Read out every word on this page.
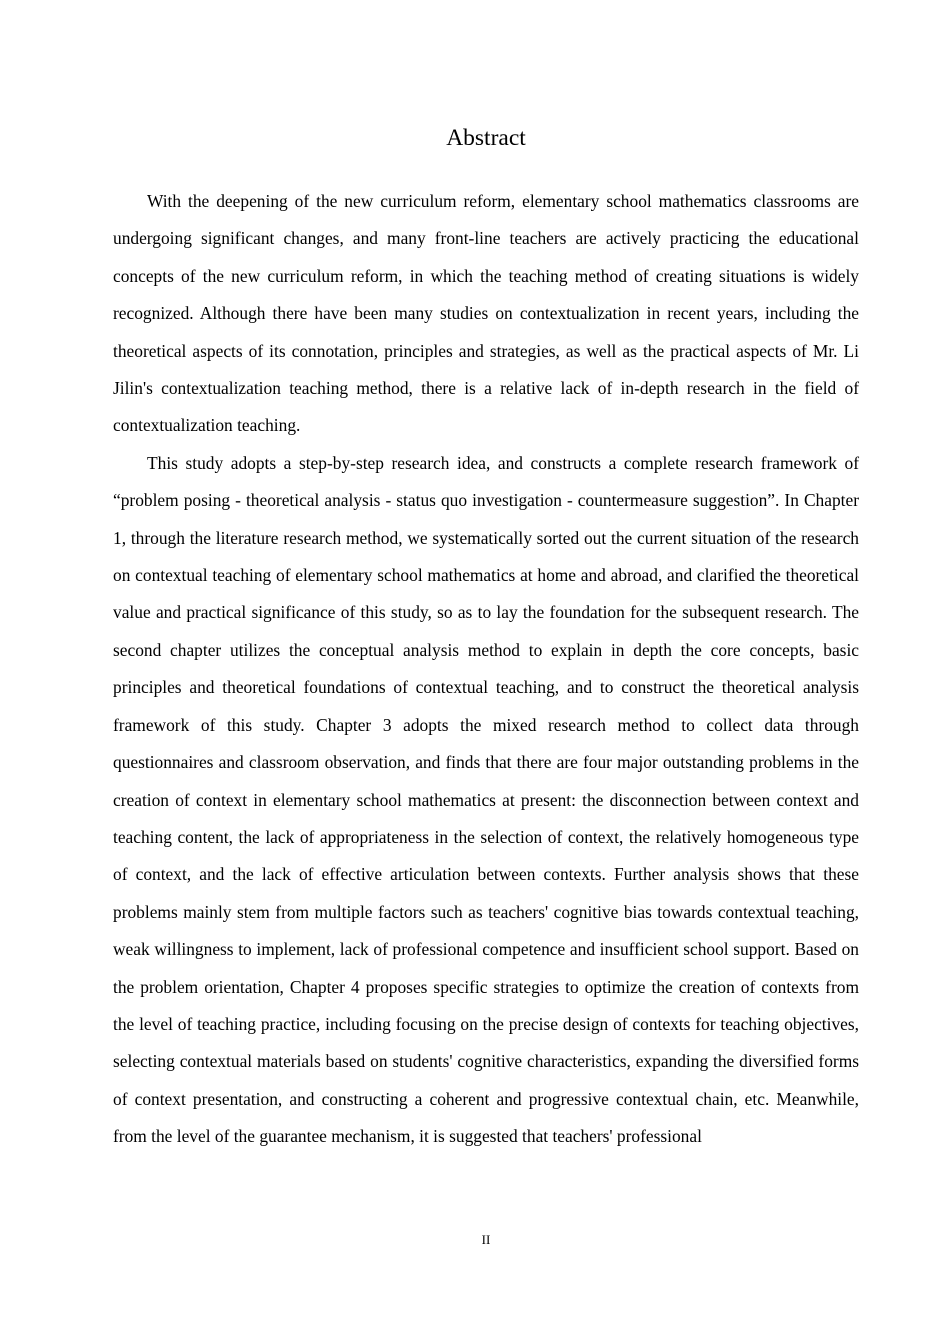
Abstract

With the deepening of the new curriculum reform, elementary school mathematics classrooms are undergoing significant changes, and many front-line teachers are actively practicing the educational concepts of the new curriculum reform, in which the teaching method of creating situations is widely recognized. Although there have been many studies on contextualization in recent years, including the theoretical aspects of its connotation, principles and strategies, as well as the practical aspects of Mr. Li Jilin's contextualization teaching method, there is a relative lack of in-depth research in the field of contextualization teaching.

This study adopts a step-by-step research idea, and constructs a complete research framework of “problem posing - theoretical analysis - status quo investigation - countermeasure suggestion”. In Chapter 1, through the literature research method, we systematically sorted out the current situation of the research on contextual teaching of elementary school mathematics at home and abroad, and clarified the theoretical value and practical significance of this study, so as to lay the foundation for the subsequent research. The second chapter utilizes the conceptual analysis method to explain in depth the core concepts, basic principles and theoretical foundations of contextual teaching, and to construct the theoretical analysis framework of this study. Chapter 3 adopts the mixed research method to collect data through questionnaires and classroom observation, and finds that there are four major outstanding problems in the creation of context in elementary school mathematics at present: the disconnection between context and teaching content, the lack of appropriateness in the selection of context, the relatively homogeneous type of context, and the lack of effective articulation between contexts. Further analysis shows that these problems mainly stem from multiple factors such as teachers' cognitive bias towards contextual teaching, weak willingness to implement, lack of professional competence and insufficient school support. Based on the problem orientation, Chapter 4 proposes specific strategies to optimize the creation of contexts from the level of teaching practice, including focusing on the precise design of contexts for teaching objectives, selecting contextual materials based on students' cognitive characteristics, expanding the diversified forms of context presentation, and constructing a coherent and progressive contextual chain, etc. Meanwhile, from the level of the guarantee mechanism, it is suggested that teachers' professional

II
